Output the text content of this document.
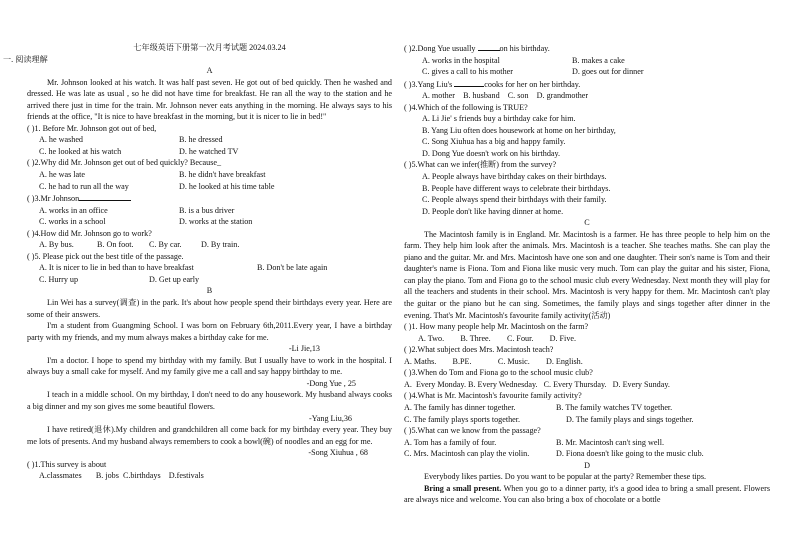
七年级英语下册第一次月考试题 2024.03.24

一. 阅读理解

A

Mr. Johnson looked at his watch. It was half past seven. He got out of bed quickly. Then he washed and dressed. He was late as usual , so he did not have time for breakfast. He ran all the way to the station and he arrived there just in time for the train. Mr. Johnson never eats anything in the morning. He always says to his friends at the office, "It is nice to have breakfast in the morning, but it is nicer to lie in bed!"

( )1. Before Mr. Johnson got out of bed,

A. he washed	B. he dressed

C. he looked at his watch	D. he watched TV

( )2.Why did Mr. Johnson get out of bed quickly? Because_

A. he was late	B. he didn't have breakfast

C. he had to run all the way	D. he looked at his time table

( )3.Mr Johnson

A. works in an office	B. is a bus driver

C. works in a school	D. works at the station

( )4.How did Mr. Johnson go to work?

A. By bus.	B. On foot.	C. By car.	D. By train.

( )5. Please pick out the best title of the passage.

A. It is nicer to lie in bed than to have breakfast	B. Don't be late again

C. Hurry up	D. Get up early

B

Lin Wei has a survey(调查) in the park. It's about how people spend their birthdays every year. Here are some of their answers.

I'm a student from Guangming School. I was born on February 6th,2011.Every year, I have a birthday party with my friends, and my mum always makes a birthday cake for me.

-Li Jie,13

I'm a doctor. I hope to spend my birthday with my family. But I usually have to work in the hospital. I always buy a small cake for myself. And my family give me a call and say happy birthday to me.

-Dong Yue , 25

I teach in a middle school. On my birthday, I don't need to do any housework. My husband always cooks a big dinner and my son gives me some beautiful flowers.

-Yang Liu,36

I have retired(退休).My children and grandchildren all come back for my birthday every year. They buy me lots of presents. And my husband always remembers to cook a bowl(碗) of noodles and an egg for me.

-Song Xiuhua , 68

( )1.This survey is about

A.classmates       B. jobs  C.birthdays    D.festivals

( )2.Dong Yue usually	on his birthday.

A. works in the hospital	B. makes a cake

C. gives a call to his mother	D. goes out for dinner

( )3.Yang Liu's	cooks for her on her birthday.

A. mother    B. husband    C. son    D. grandmother

( )4.Which of the following is TRUE?

A. Li Jie' s friends buy a birthday cake for him.

B. Yang Liu often does housework at home on her birthday,

C. Song Xiuhua has a big and happy family.

D. Dong Yue doesn't work on his birthday.

( )5.What can we infer(推断) from the survey?

A. People always have birthday cakes on their birthdays.

B. People have different ways to celebrate their birthdays.

C. People always spend their birthdays with their family.

D. People don't like having dinner at home.

C

The Macintosh family is in England. Mr. Macintosh is a farmer. He has three people to help him on the farm. They help him look after the animals. Mrs. Macintosh is a teacher. She teaches maths. She can play the piano and the guitar. Mr. and Mrs. Macintosh have one son and one daughter. Their son's name is Tom and their daughter's name is Fiona. Tom and Fiona like music very much. Tom can play the guitar and his sister, Fiona, can play the piano. Tom and Fiona go to the school music club every Wednesday. Next month they will play for all the teachers and students in their school. Mrs. Macintosh is very happy for them. Mr. Macintosh can't play the guitar or the piano but he can sing. Sometimes, the family plays and sings together after dinner in the evening. That's Mr. Macintosh's favourite family activity(活动)

( )1. How many people help Mr. Macintosh on the farm?

A. Two.        B. Three.        C. Four.        D. Five.

( )2.What subject does Mrs. Macintosh teach?

A. Maths.        B.PE.             C. Music.        D. English.

( )3.When do Tom and Fiona go to the school music club?

A.  Every Monday. B. Every Wednesday.   C. Every Thursday.   D. Every Sunday.

( )4.What is Mr. Macintosh's favourite family activity?

A. The family has dinner together.	B. The family watches TV together.

C. The family plays sports together.	D. The family plays and sings together.

( )5.What can we know from the passage?

A. Tom has a family of four.	B. Mr. Macintosh can't sing well.

C. Mrs. Macintosh can play the violin.	D. Fiona doesn't like going to the music club.

D

Everybody likes parties. Do you want to be popular at the party? Remember these tips.

Bring a small present. When you go to a dinner party, it's a good idea to bring a small present. Flowers are always nice and welcome. You can also bring a box of chocolate or a bottle
